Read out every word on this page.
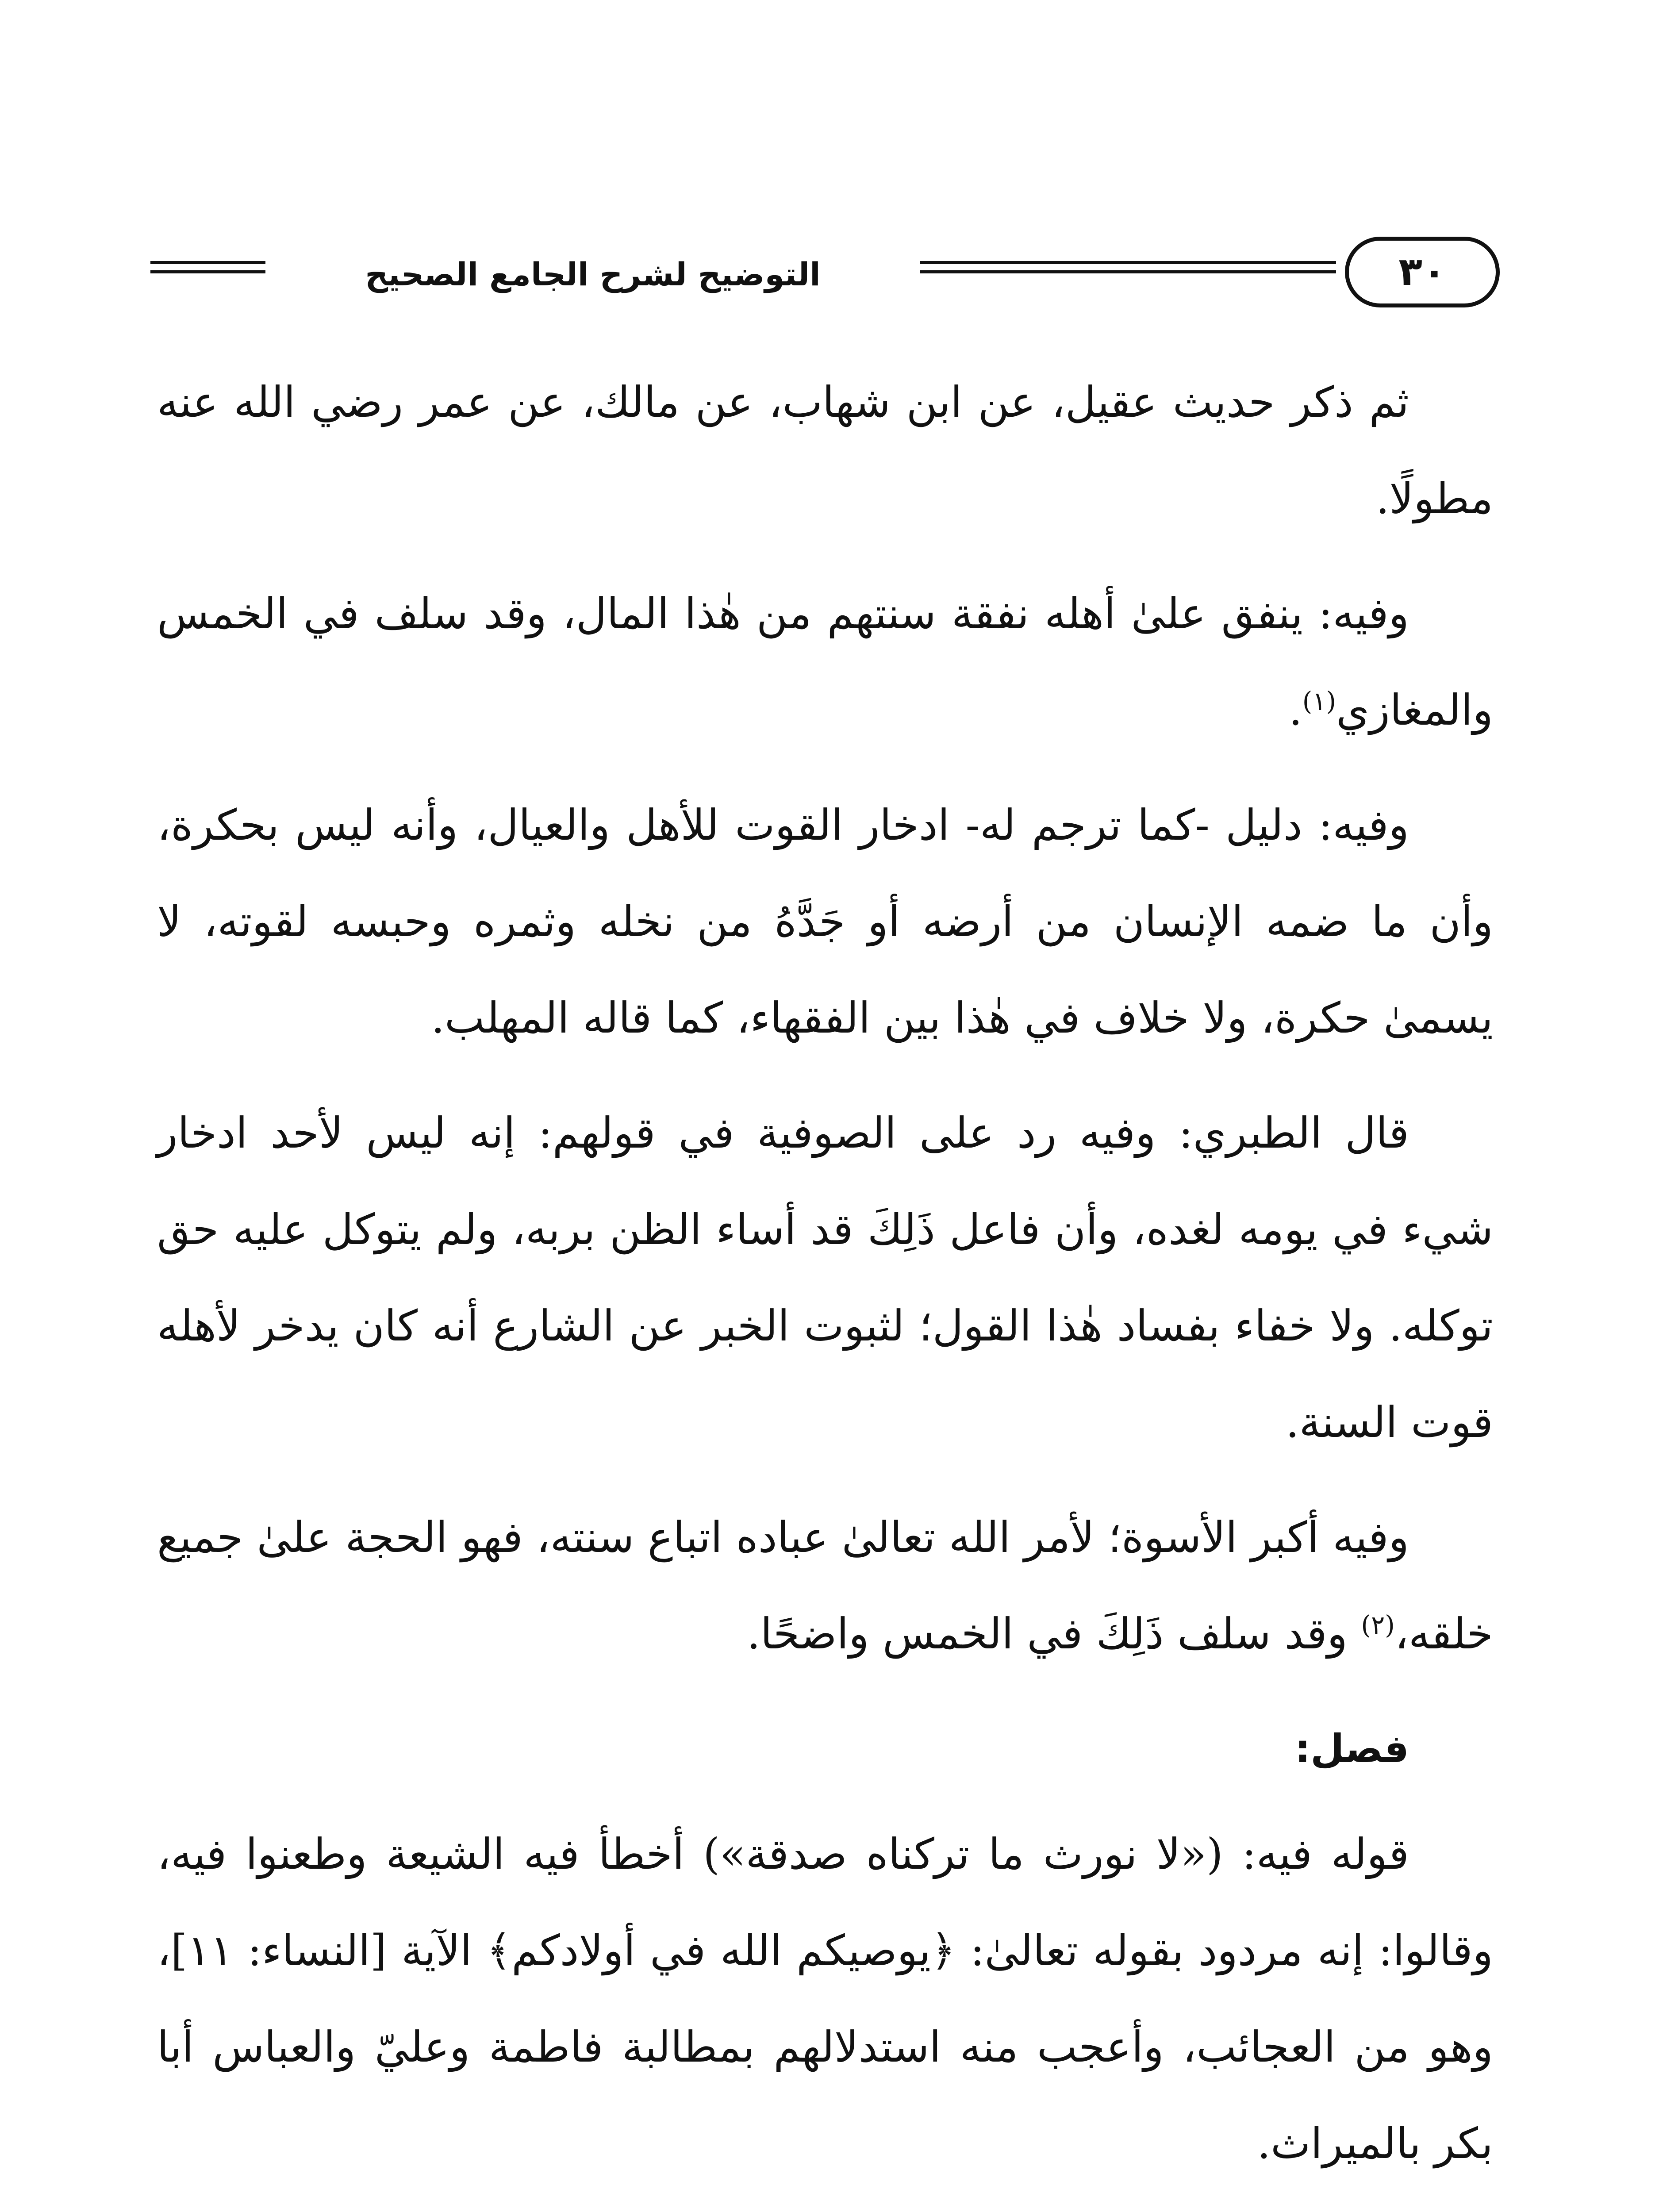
التوضيح لشرح الجامع الصحيح	٣٠

ثم ذكر حديث عقيل، عن ابن شهاب، عن مالك، عن عمر رضي الله عنه مطولًا.

وفيه: ينفق علىٰ أهله نفقة سنتهم من هٰذا المال، وقد سلف في الخمس والمغازي$^{(١)}$.

وفيه: دليل -كما ترجم له- ادخار القوت للأهل والعيال، وأنه ليس بحكرة، وأن ما ضمه الإنسان من أرضه أو جَدَّهُ من نخله وثمره وحبسه لقوته، لا يسمىٰ حكرة، ولا خلاف في هٰذا بين الفقهاء، كما قاله المهلب.

قال الطبري: وفيه رد على الصوفية في قولهم: إنه ليس لأحد ادخار شيء في يومه لغده، وأن فاعل ذَلِكَ قد أساء الظن بربه، ولم يتوكل عليه حق توكله. ولا خفاء بفساد هٰذا القول؛ لثبوت الخبر عن الشارع أنه كان يدخر لأهله قوت السنة.

وفيه أكبر الأسوة؛ لأمر الله تعالىٰ عباده اتباع سنته، فهو الحجة علىٰ جميع خلقه،$^{(٢)}$ وقد سلف ذَلِكَ في الخمس واضحًا.

فصل:

قوله فيه: («لا نورث ما تركناه صدقة») أخطأ فيه الشيعة وطعنوا فيه، وقالوا: إنه مردود بقوله تعالىٰ: ﴿يوصيكم الله في أولادكم﴾ الآية [النساء: ١١]، وهو من العجائب، وأعجب منه استدلالهم بمطالبة فاطمة وعليّ والعباس أبا بكر بالميراث.
